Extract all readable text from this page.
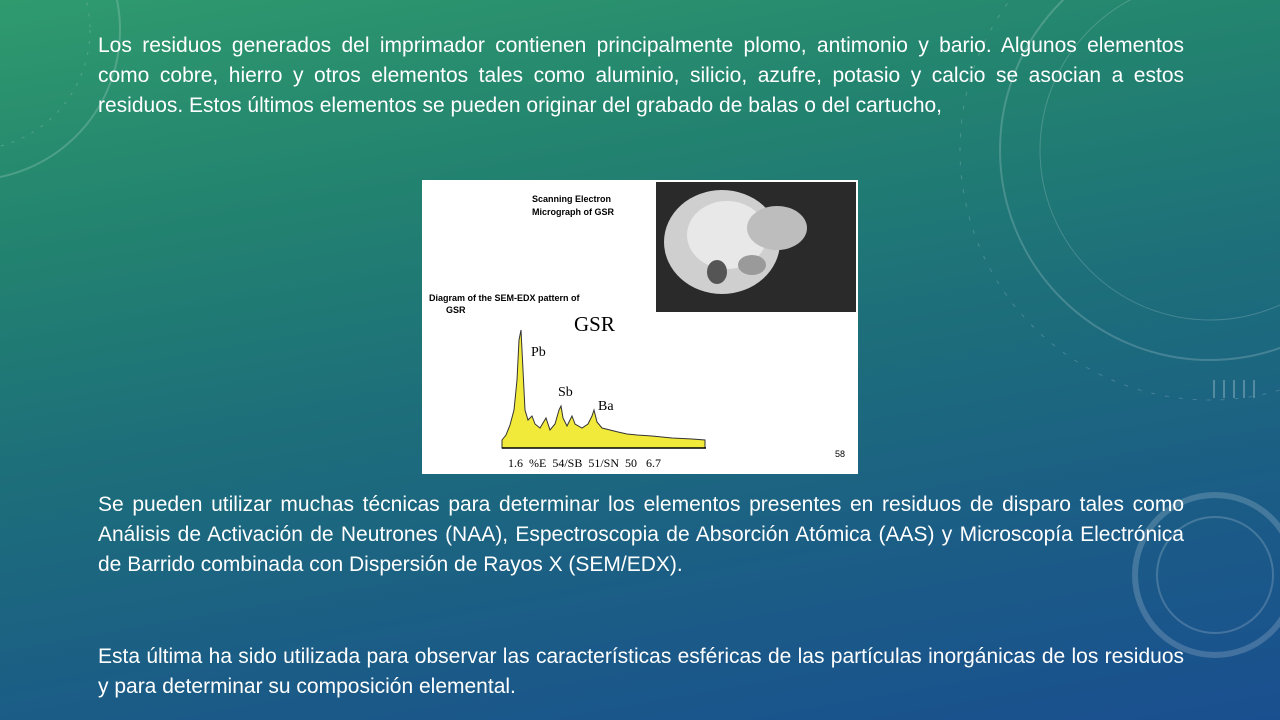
Los residuos generados del imprimador contienen principalmente plomo, antimonio y bario. Algunos elementos como cobre, hierro y otros elementos tales como aluminio, silicio, azufre, potasio y calcio se asocian a estos residuos. Estos últimos elementos se pueden originar del grabado de balas o del cartucho,

Scanning Electron
Micrograph of GSR
Diagram of the SEM-EDX pattern of
GSR
GSR
Pb
Sb
Ba
1.6  %E  54/SB  51/SN  50   6.7
58

Se pueden utilizar muchas técnicas para determinar los elementos presentes en residuos de disparo tales como Análisis de Activación de Neutrones (NAA), Espectroscopia de Absorción Atómica (AAS) y Microscopía Electrónica de Barrido combinada con Dispersión de Rayos X (SEM/EDX).

Esta última ha sido utilizada para observar las características esféricas de las partículas inorgánicas de los residuos y para determinar su composición elemental.
